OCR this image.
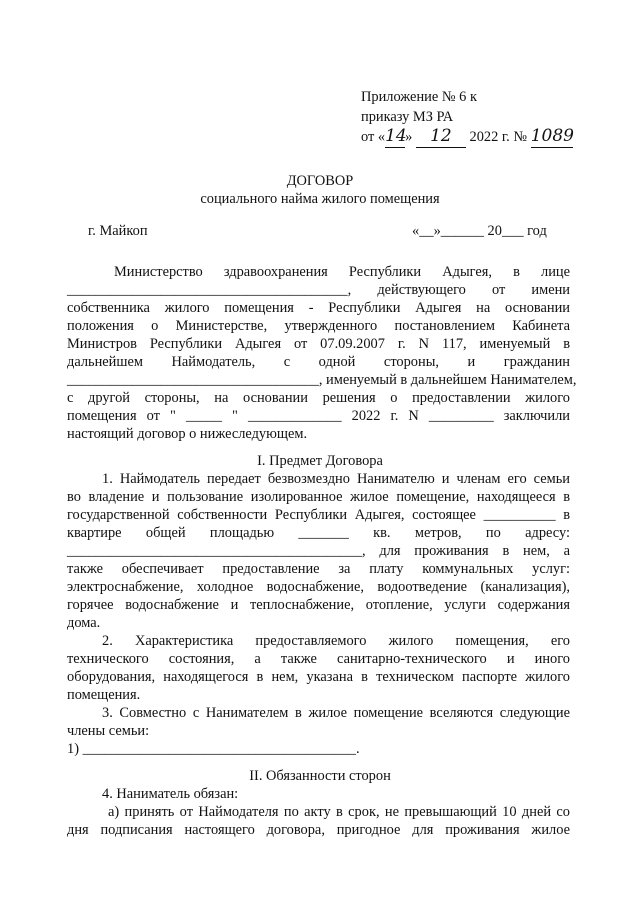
Приложение № 6 к
приказу МЗ РА
от «14» 12 2022 г. № 1089
ДОГОВОР
социального найма жилого помещения
г. Майкоп	«__»______ 20___ год
Министерство здравоохранения Республики Адыгея, в лице
_______________________________________, действующего от имени
собственника жилого помещения - Республики Адыгея на основании
положения о Министерстве, утвержденного постановлением Кабинета
Министров Республики Адыгея от 07.09.2007 г. N 117, именуемый в
дальнейшем Наймодатель, с одной стороны, и гражданин
___________________________________, именуемый в дальнейшем Нанимателем,
с другой стороны, на основании решения о предоставлении жилого
помещения от " _____ " _____________ 2022 г. N _________ заключили
настоящий договор о нижеследующем.
I. Предмет Договора
1. Наймодатель передает безвозмездно Нанимателю и членам его семьи
во владение и пользование изолированное жилое помещение, находящееся в
государственной собственности Республики Адыгея, состоящее __________ в
квартире общей площадью _______ кв. метров, по адресу:
_________________________________________, для проживания в нем, а
также обеспечивает предоставление за плату коммунальных услуг:
электроснабжение, холодное водоснабжение, водоотведение (канализация),
горячее водоснабжение и теплоснабжение, отопление, услуги содержания
дома.
2. Характеристика предоставляемого жилого помещения, его
технического состояния, а также санитарно-технического и иного
оборудования, находящегося в нем, указана в техническом паспорте жилого
помещения.
3. Совместно с Нанимателем в жилое помещение вселяются следующие
члены семьи:
1) ______________________________________.
II. Обязанности сторон
4. Наниматель обязан:
а) принять от Наймодателя по акту в срок, не превышающий 10 дней со
дня подписания настоящего договора, пригодное для проживания жилое
